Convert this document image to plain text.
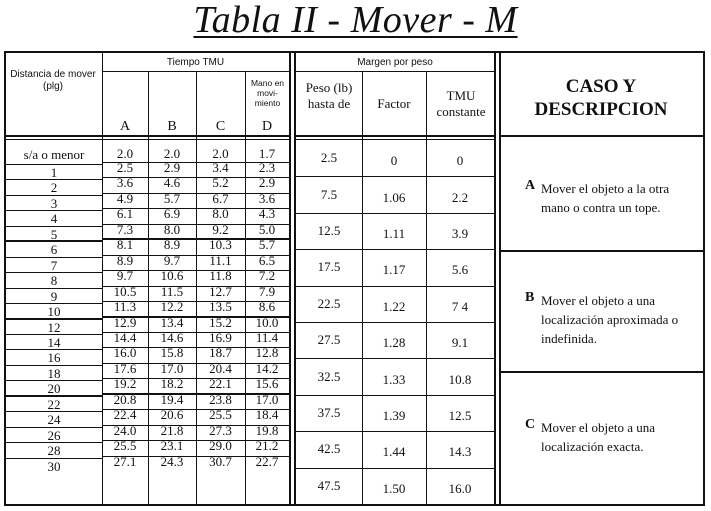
Tabla II - Mover - M
Distancia de mover (plg)
Tiempo TMU
Mano en movi- miento
A	B	C	D
s/a o menor	2.0	2.0	2.0	1.7
1	2.5	2.9	3.4	2.3
2	3.6	4.6	5.2	2.9
3	4.9	5.7	6.7	3.6
4	6.1	6.9	8.0	4.3
5	7.3	8.0	9.2	5.0
6	8.1	8.9	10.3	5.7
7	8.9	9.7	11.1	6.5
8	9.7	10.6	11.8	7.2
9	10.5	11.5	12.7	7.9
10	11.3	12.2	13.5	8.6
12	12.9	13.4	15.2	10.0
14	14.4	14.6	16.9	11.4
16	16.0	15.8	18.7	12.8
18	17.6	17.0	20.4	14.2
20	19.2	18.2	22.1	15.6
22	20.8	19.4	23.8	17.0
24	22.4	20.6	25.5	18.4
26	24.0	21.8	27.3	19.8
28	25.5	23.1	29.0	21.2
30	27.1	24.3	30.7	22.7
Margen por peso
Peso (lb) hasta de	Factor
TMU constante
2.5	0	0
7.5	1.06	2.2
12.5	1.11	3.9
17.5	1.17	5.6
22.5	1.22	7 4
27.5	1.28	9.1
32.5	1.33	10.8
37.5	1.39	12.5
42.5	1.44	14.3
47.5	1.50	16.0
CASO Y DESCRIPCION
A Mover el objeto a la otra mano o contra un tope.
B Mover el objeto a una localización aproximada o indefinida.
C Mover el objeto a una localización exacta.
